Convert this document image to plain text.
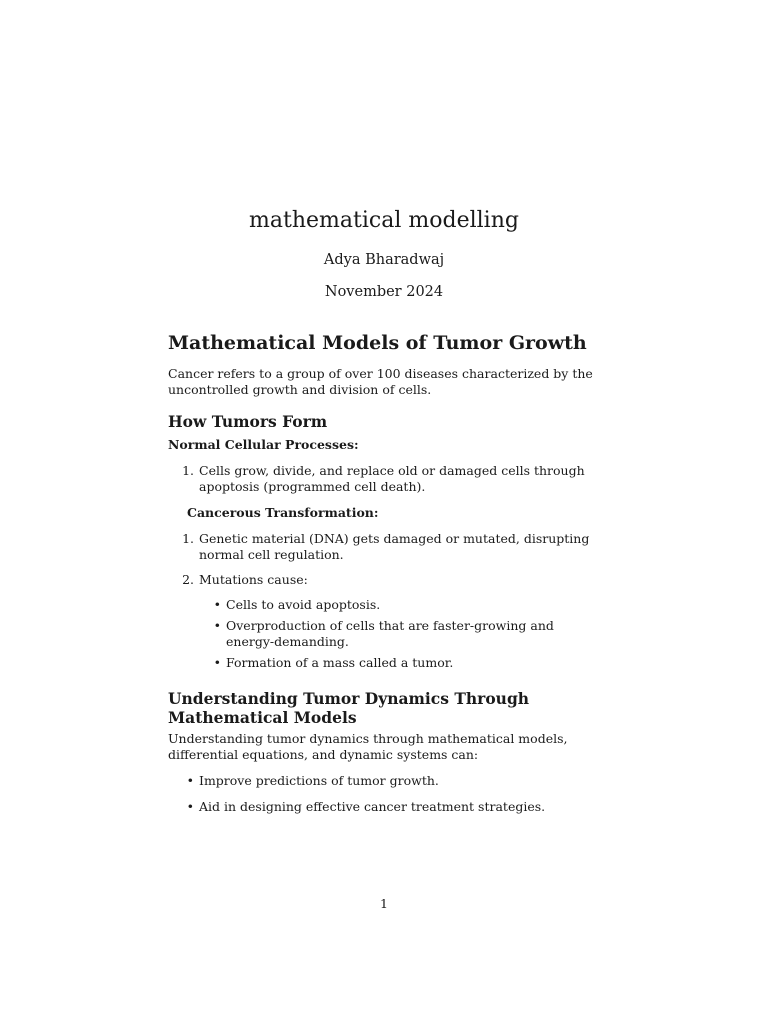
mathematical modelling
Adya Bharadwaj
November 2024
Mathematical Models of Tumor Growth

Cancer refers to a group of over 100 diseases characterized by the uncontrolled growth and division of cells.

How Tumors Form

Normal Cellular Processes:

1. Cells grow, divide, and replace old or damaged cells through apoptosis (programmed cell death).

Cancerous Transformation:

1. Genetic material (DNA) gets damaged or mutated, disrupting normal cell regulation.
2. Mutations cause:
• Cells to avoid apoptosis.
• Overproduction of cells that are faster-growing and energy-demanding.
• Formation of a mass called a tumor.
Understanding Tumor Dynamics Through Mathematical Models

Understanding tumor dynamics through mathematical models, differential equations, and dynamic systems can:

• Improve predictions of tumor growth.
• Aid in designing effective cancer treatment strategies.
1
